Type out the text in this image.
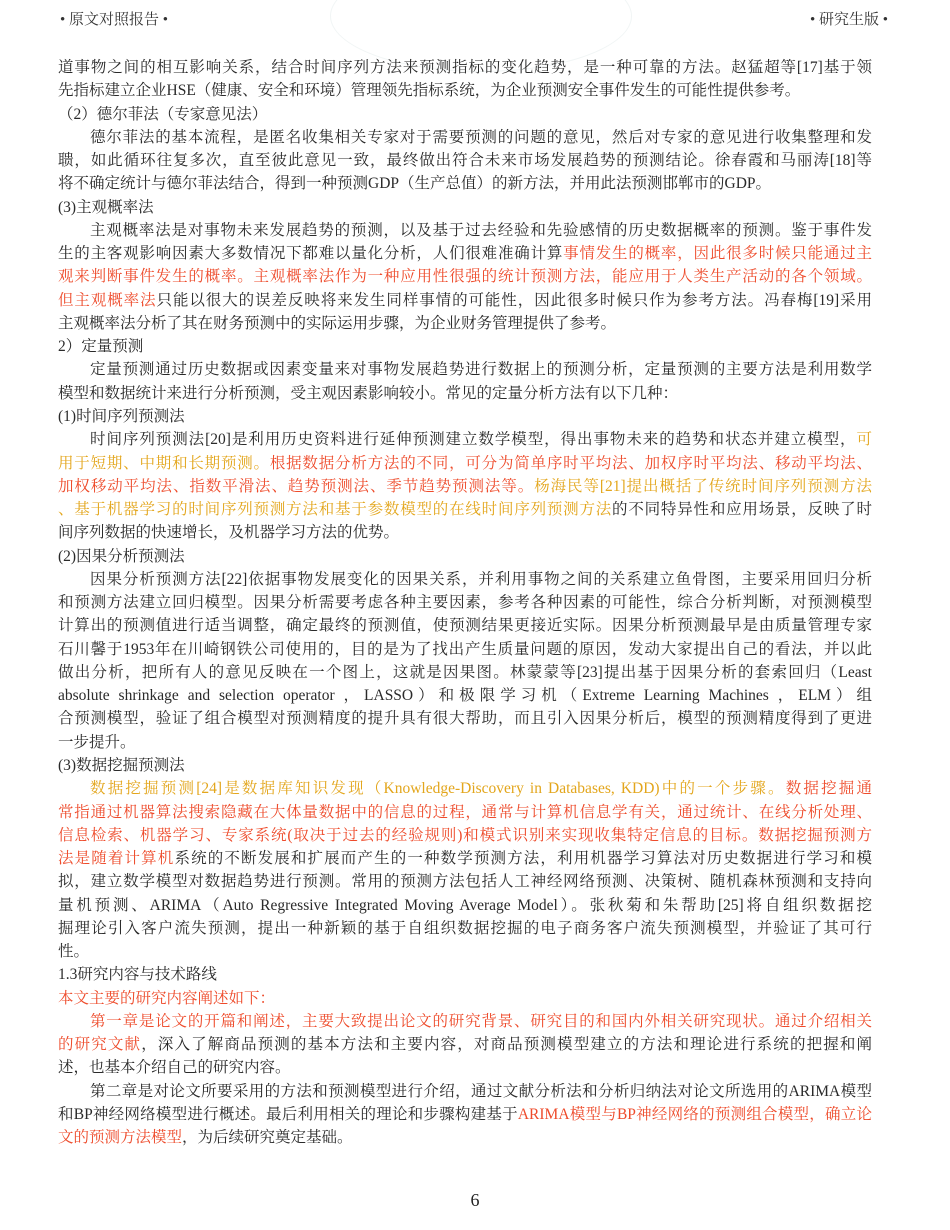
• 原文对照报告 •	• 研究生版 •
道事物之间的相互影响关系，结合时间序列方法来预测指标的变化趋势，是一种可靠的方法。赵猛超等[17]基于领
先指标建立企业HSE（健康、安全和环境）管理领先指标系统，为企业预测安全事件发生的可能性提供参考。
（2）德尔菲法（专家意见法）
德尔菲法的基本流程，是匿名收集相关专家对于需要预测的问题的意见，然后对专家的意见进行收集整理和发
聩，如此循环往复多次，直至彼此意见一致，最终做出符合未来市场发展趋势的预测结论。徐春霞和马丽涛[18]等
将不确定统计与德尔菲法结合，得到一种预测GDP（生产总值）的新方法，并用此法预测邯郸市的GDP。
(3)主观概率法
主观概率法是对事物未来发展趋势的预测，以及基于过去经验和先验感情的历史数据概率的预测。鉴于事件发
生的主客观影响因素大多数情况下都难以量化分析，人们很难准确计算事情发生的概率，因此很多时候只能通过主
观来判断事件发生的概率。主观概率法作为一种应用性很强的统计预测方法，能应用于人类生产活动的各个领域。
但主观概率法只能以很大的误差反映将来发生同样事情的可能性，因此很多时候只作为参考方法。冯春梅[19]采用
主观概率法分析了其在财务预测中的实际运用步骤，为企业财务管理提供了参考。
2）定量预测
定量预测通过历史数据或因素变量来对事物发展趋势进行数据上的预测分析，定量预测的主要方法是利用数学
模型和数据统计来进行分析预测，受主观因素影响较小。常见的定量分析方法有以下几种：
(1)时间序列预测法
时间序列预测法[20]是利用历史资料进行延伸预测建立数学模型，得出事物未来的趋势和状态并建立模型，可
用于短期、中期和长期预测。根据数据分析方法的不同，可分为简单序时平均法、加权序时平均法、移动平均法、
加权移动平均法、指数平滑法、趋势预测法、季节趋势预测法等。杨海民等[21]提出概括了传统时间序列预测方法
、基于机器学习的时间序列预测方法和基于参数模型的在线时间序列预测方法的不同特异性和应用场景，反映了时
间序列数据的快速增长，及机器学习方法的优势。
(2)因果分析预测法
因果分析预测方法[22]依据事物发展变化的因果关系，并利用事物之间的关系建立鱼骨图，主要采用回归分析
和预测方法建立回归模型。因果分析需要考虑各种主要因素，参考各种因素的可能性，综合分析判断，对预测模型
计算出的预测值进行适当调整，确定最终的预测值，使预测结果更接近实际。因果分析预测最早是由质量管理专家
石川馨于1953年在川崎钢铁公司使用的，目的是为了找出产生质量问题的原因，发动大家提出自己的看法，并以此
做出分析，把所有人的意见反映在一个图上，这就是因果图。林蒙蒙等[23]提出基于因果分析的套索回归（Least
absolute shrinkage and selection operator ，LASSO）和极限学习机（Extreme Learning Machines ，ELM）组
合预测模型，验证了组合模型对预测精度的提升具有很大帮助，而且引入因果分析后，模型的预测精度得到了更进
一步提升。
(3)数据挖掘预测法
数据挖掘预测[24]是数据库知识发现（Knowledge-Discovery in Databases, KDD)中的一个步骤。数据挖掘通
常指通过机器算法搜索隐藏在大体量数据中的信息的过程，通常与计算机信息学有关，通过统计、在线分析处理、
信息检索、机器学习、专家系统(取决于过去的经验规则)和模式识别来实现收集特定信息的目标。数据挖掘预测方
法是随着计算机系统的不断发展和扩展而产生的一种数学预测方法，利用机器学习算法对历史数据进行学习和模
拟，建立数学模型对数据趋势进行预测。常用的预测方法包括人工神经网络预测、决策树、随机森林预测和支持向
量机预测、ARIMA（Auto Regressive Integrated Moving Average Model）。张秋菊和朱帮助[25]将自组织数据挖
掘理论引入客户流失预测，提出一种新颖的基于自组织数据挖掘的电子商务客户流失预测模型，并验证了其可行
性。
1.3研究内容与技术路线
本文主要的研究内容阐述如下：
第一章是论文的开篇和阐述，主要大致提出论文的研究背景、研究目的和国内外相关研究现状。通过介绍相关
的研究文献，深入了解商品预测的基本方法和主要内容，对商品预测模型建立的方法和理论进行系统的把握和阐
述，也基本介绍自己的研究内容。
第二章是对论文所要采用的方法和预测模型进行介绍，通过文献分析法和分析归纳法对论文所选用的ARIMA模型
和BP神经网络模型进行概述。最后利用相关的理论和步骤构建基于ARIMA模型与BP神经网络的预测组合模型，确立论
文的预测方法模型，为后续研究奠定基础。
6
